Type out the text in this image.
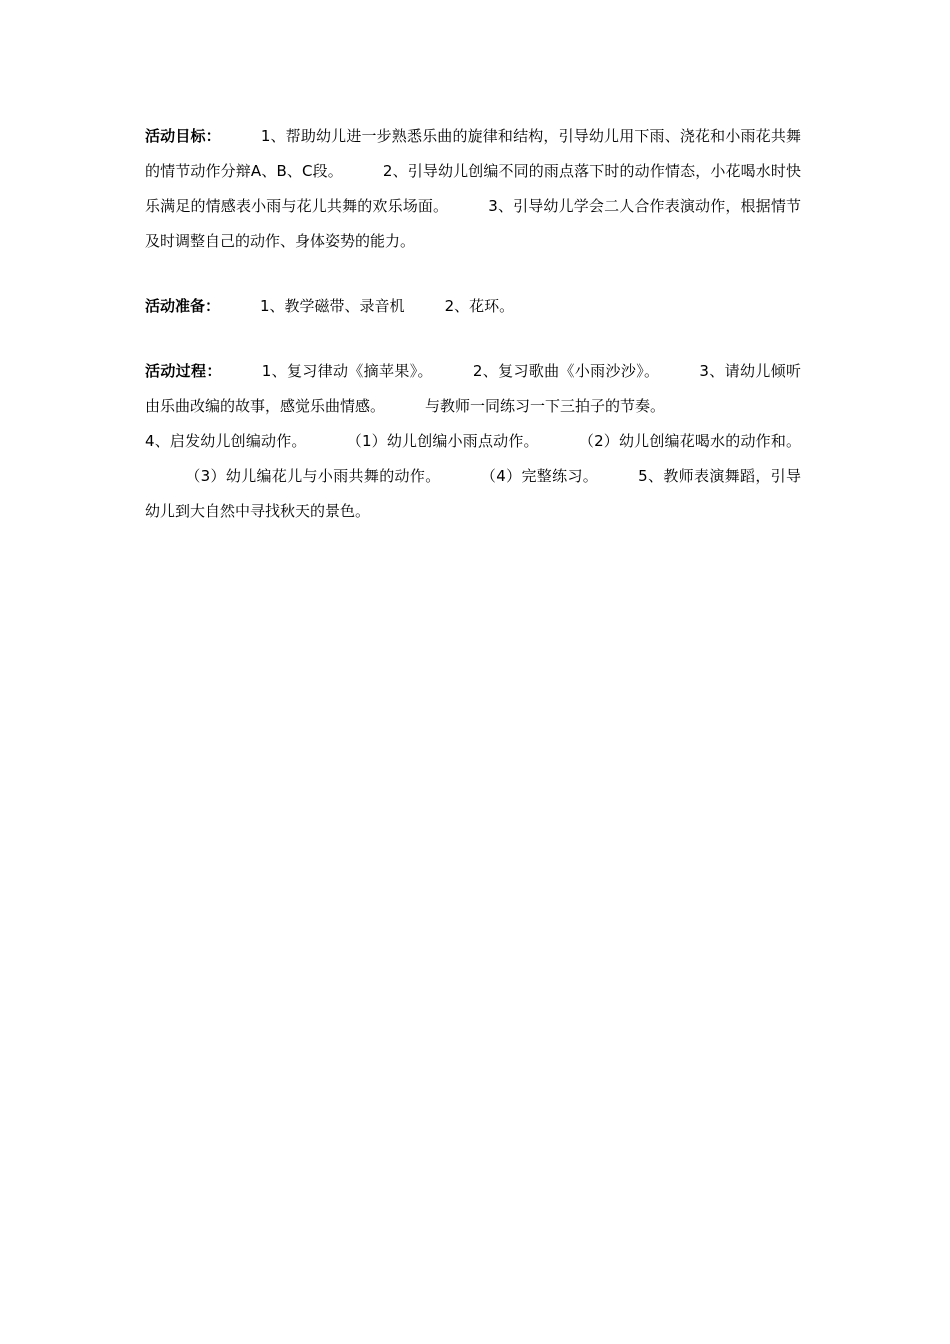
活动目标：	1、帮助幼儿进一步熟悉乐曲的旋律和结构，引导幼儿用下雨、浇花和小雨花共舞的情节动作分辩A、B、C段。	2、引导幼儿创编不同的雨点落下时的动作情态，小花喝水时快乐满足的情感表小雨与花儿共舞的欢乐场面。	3、引导幼儿学会二人合作表演动作，根据情节及时调整自己的动作、身体姿势的能力。

活动准备：	1、教学磁带、录音机	2、花环。

活动过程：	1、复习律动《摘苹果》。	2、复习歌曲《小雨沙沙》。	3、请幼儿倾听由乐曲改编的故事，感觉乐曲情感。	与教师一同练习一下三拍子的节奏。
4、启发幼儿创编动作。	（1）幼儿创编小雨点动作。	（2）幼儿创编花喝水的动作和。（3）幼儿编花儿与小雨共舞的动作。	（4）完整练习。	5、教师表演舞蹈，引导幼儿到大自然中寻找秋天的景色。
